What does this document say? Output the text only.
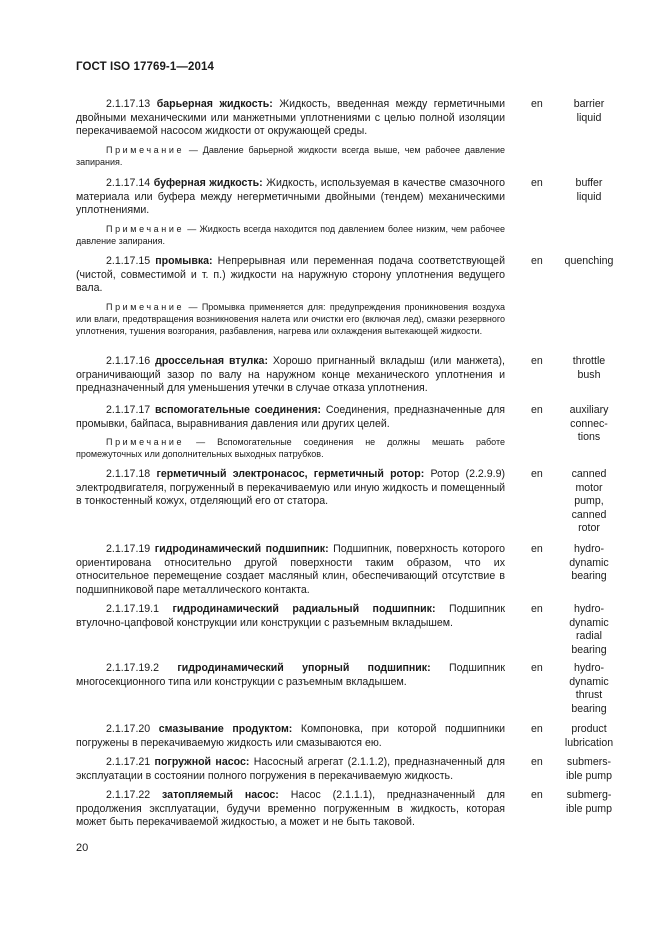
ГОСТ ISO 17769-1—2014

2.1.17.13 барьерная жидкость: Жидкость, введенная между герметичными двойными механическими или манжетными уплотнениями с целью полной изоляции перекачиваемой насосом жидкости от окружающей среды.

Примечание — Давление барьерной жидкости всегда выше, чем рабочее давление запирания.

en	barrier
liquid

2.1.17.14 буферная жидкость: Жидкость, используемая в качестве смазочного материала или буфера между негерметичными двойными (тендем) механическими уплотнениями.

Примечание — Жидкость всегда находится под давлением более низким, чем рабочее давление запирания.

en	buffer
liquid

2.1.17.15 промывка: Непрерывная или переменная подача соответствующей (чистой, совместимой и т. п.) жидкости на наружную сторону уплотнения ведущего вала.

Примечание — Промывка применяется для: предупреждения проникновения воздуха или влаги, предотвращения возникновения налета или очистки его (включая лед), смазки резервного уплотнения, тушения возгорания, разбавления, нагрева или охлаждения вытекающей жидкости.

en	quenching

2.1.17.16 дроссельная втулка: Хорошо пригнанный вкладыш (или манжета), ограничивающий зазор по валу на наружном конце механического уплотнения и предназначенный для уменьшения утечки в случае отказа уплотнения.

en	throttle
bush

2.1.17.17 вспомогательные соединения: Соединения, предназначенные для промывки, байпаса, выравнивания давления или других целей.

Примечание — Вспомогательные соединения не должны мешать работе промежуточных или дополнительных выходных патрубков.

en	auxiliary
connec-
tions

2.1.17.18 герметичный электронасос, герметичный ротор: Ротор (2.2.9.9) электродвигателя, погруженный в перекачиваемую или иную жидкость и помещенный в тонкостенный кожух, отделяющий его от статора.

en	canned
motor
pump,
canned
rotor

2.1.17.19 гидродинамический подшипник: Подшипник, поверхность которого ориентирована относительно другой поверхности таким образом, что их относительное перемещение создает масляный клин, обеспечивающий отсутствие в подшипниковой паре металлического контакта.

en	hydro-
dynamic
bearing

2.1.17.19.1 гидродинамический радиальный подшипник: Подшипник втулочно-цапфовой конструкции или конструкции с разъемным вкладышем.

en	hydro-
dynamic
radial
bearing

2.1.17.19.2 гидродинамический упорный подшипник: Подшипник многосекционного типа или конструкции с разъемным вкладышем.

en	hydro-
dynamic
thrust
bearing

2.1.17.20 смазывание продуктом: Компоновка, при которой подшипники погружены в перекачиваемую жидкость или смазываются ею.

en	product
lubrication

2.1.17.21 погружной насос: Насосный агрегат (2.1.1.2), предназначенный для эксплуатации в состоянии полного погружения в перекачиваемую жидкость.

en	submers-
ible pump

2.1.17.22 затопляемый насос: Насос (2.1.1.1), предназначенный для продолжения эксплуатации, будучи временно погруженным в жидкость, которая может быть перекачиваемой жидкостью, а может и не быть таковой.

en	submerg-
ible pump
20
